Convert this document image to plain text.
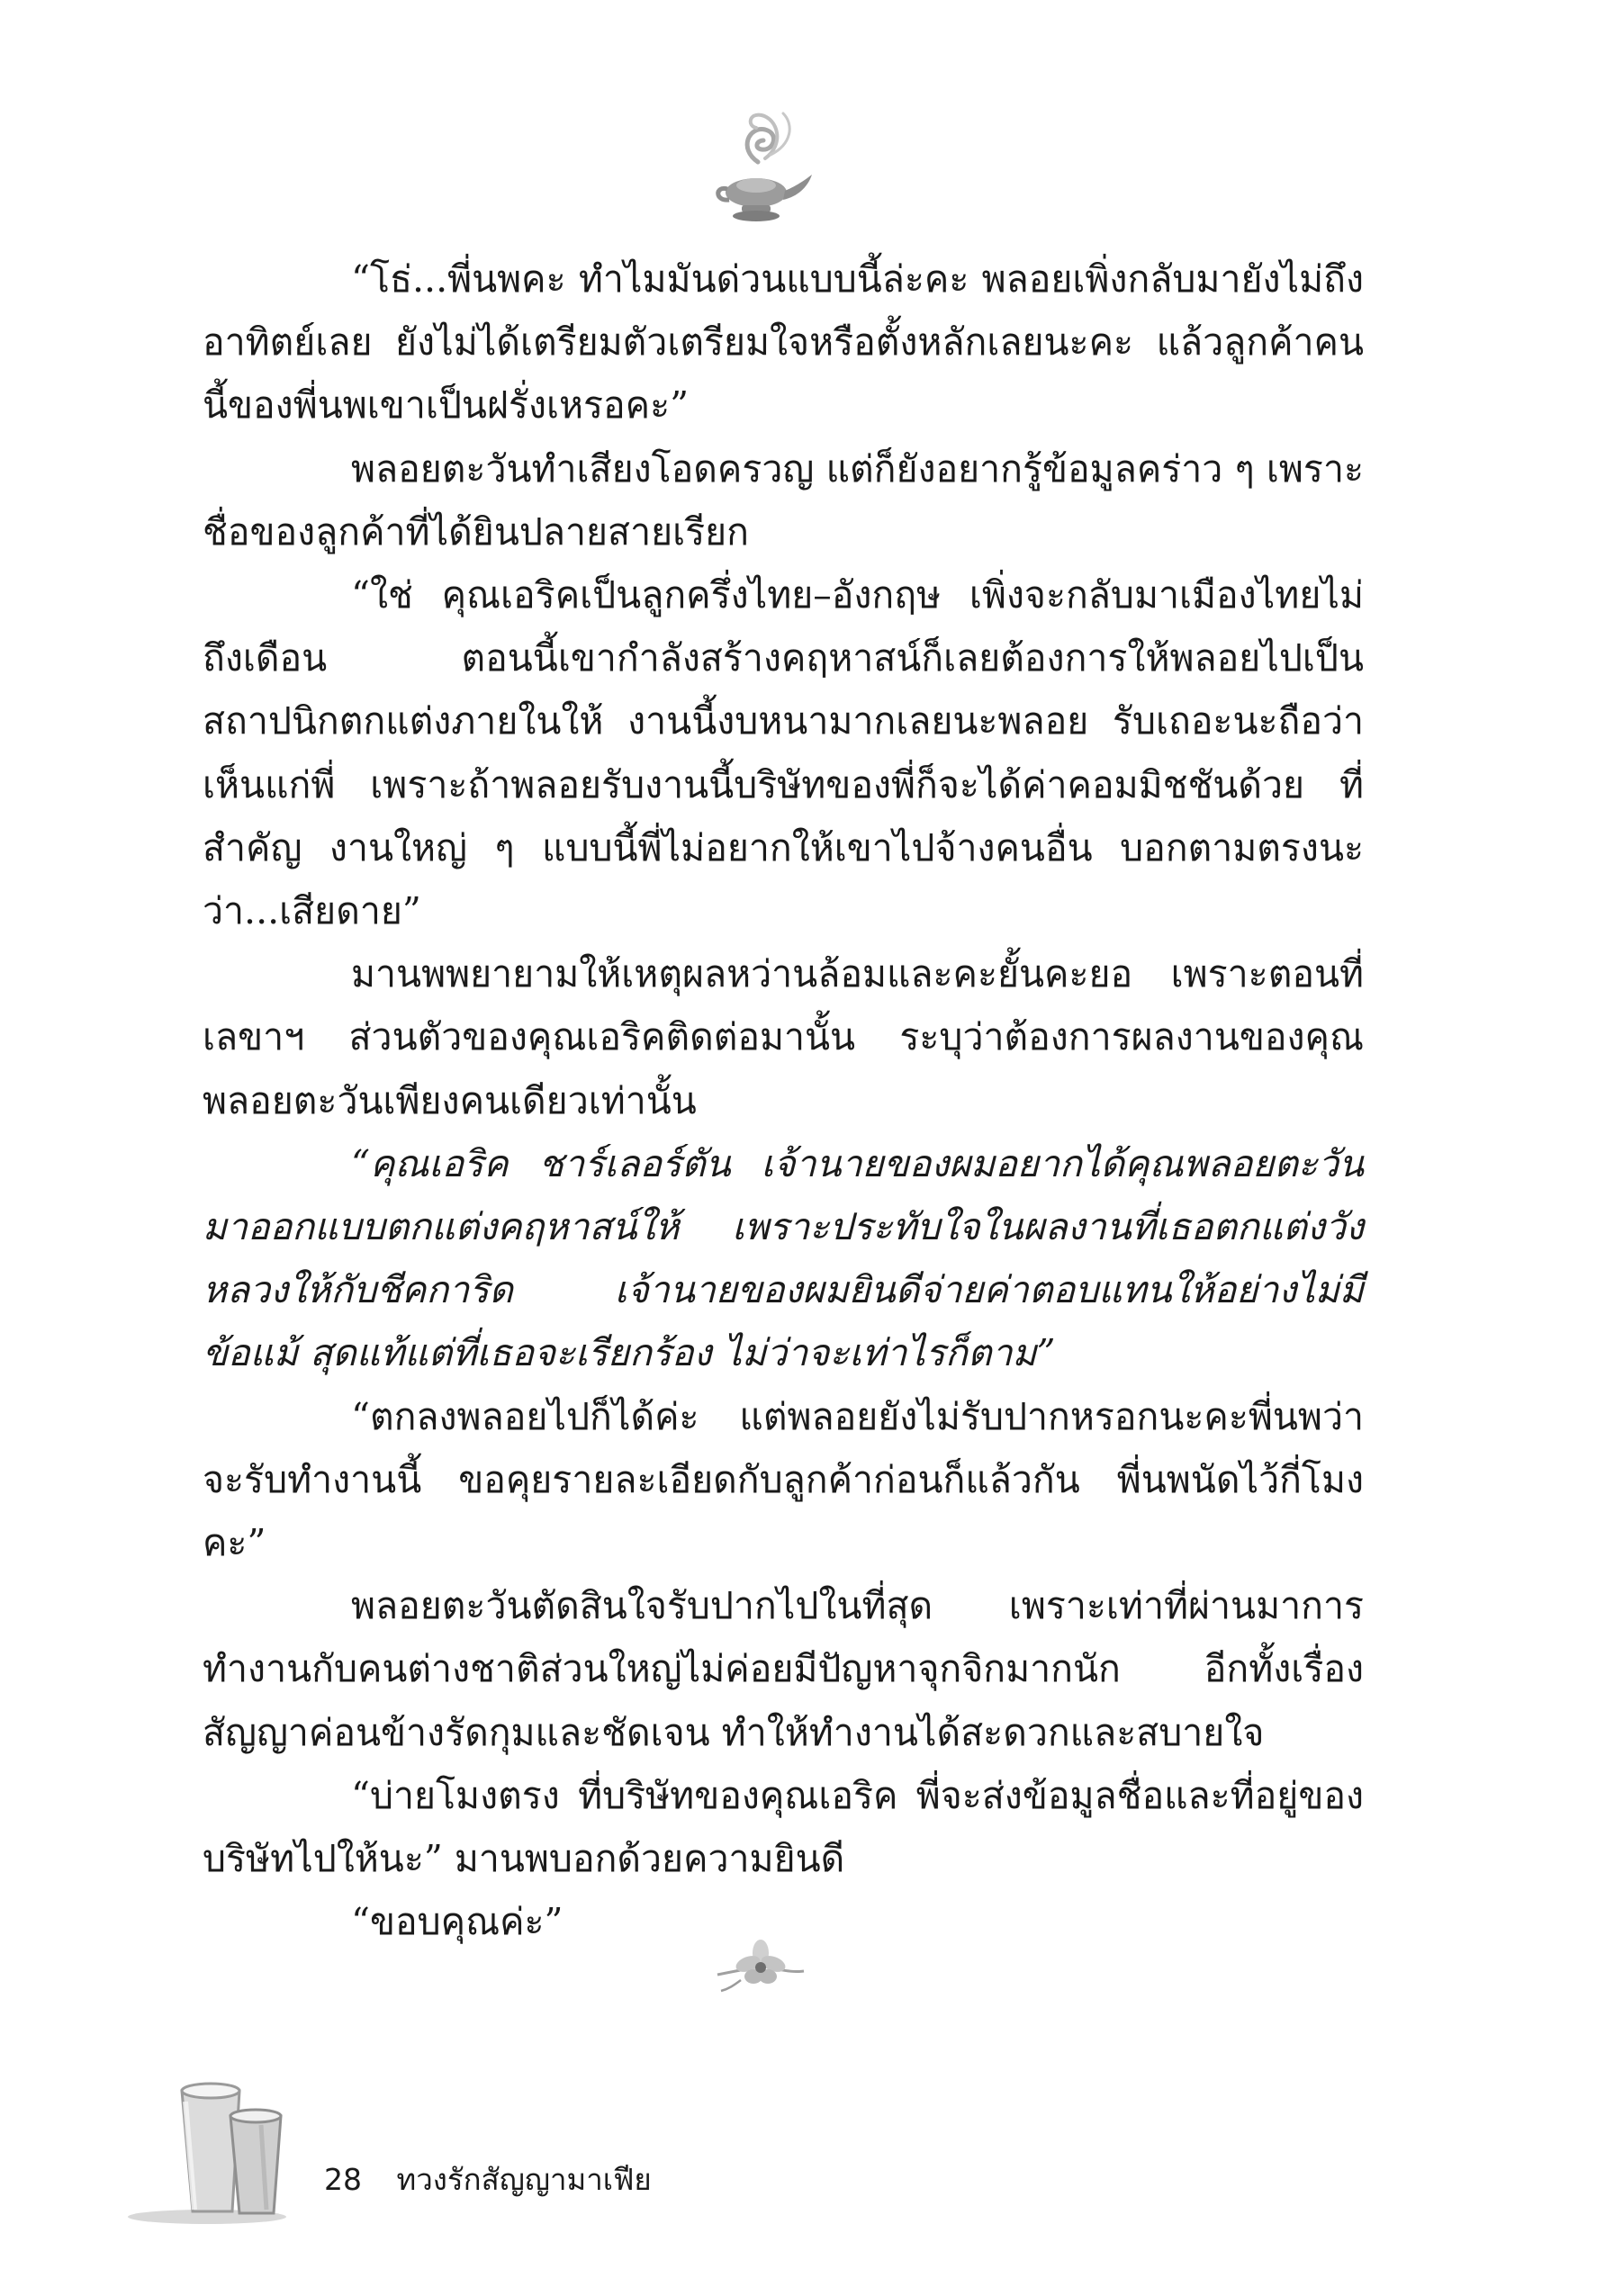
“โธ่...พี่นพคะ ทำไมมันด่วนแบบนี้ล่ะคะ พลอยเพิ่งกลับมายังไม่ถึงอาทิตย์เลย ยังไม่ได้เตรียมตัวเตรียมใจหรือตั้งหลักเลยนะคะ แล้วลูกค้าคนนี้ของพี่นพเขาเป็นฝรั่งเหรอคะ”

พลอยตะวันทำเสียงโอดครวญ แต่ก็ยังอยากรู้ข้อมูลคร่าว ๆ เพราะชื่อของลูกค้าที่ได้ยินปลายสายเรียก

“ใช่ คุณเอริคเป็นลูกครึ่งไทย–อังกฤษ เพิ่งจะกลับมาเมืองไทยไม่ถึงเดือน ตอนนี้เขากำลังสร้างคฤหาสน์ก็เลยต้องการให้พลอยไปเป็นสถาปนิกตกแต่งภายในให้ งานนี้งบหนามากเลยนะพลอย รับเถอะนะถือว่าเห็นแก่พี่ เพราะถ้าพลอยรับงานนี้บริษัทของพี่ก็จะได้ค่าคอมมิชชันด้วย ที่สำคัญ งานใหญ่ ๆ แบบนี้พี่ไม่อยากให้เขาไปจ้างคนอื่น บอกตามตรงนะว่า...เสียดาย”

มานพพยายามให้เหตุผลหว่านล้อมและคะยั้นคะยอ เพราะตอนที่เลขาฯ ส่วนตัวของคุณเอริคติดต่อมานั้น ระบุว่าต้องการผลงานของคุณพลอยตะวันเพียงคนเดียวเท่านั้น

“คุณเอริค ชาร์เลอร์ตัน เจ้านายของผมอยากได้คุณพลอยตะวันมาออกแบบตกแต่งคฤหาสน์ให้ เพราะประทับใจในผลงานที่เธอตกแต่งวังหลวงให้กับชีคการิด เจ้านายของผมยินดีจ่ายค่าตอบแทนให้อย่างไม่มีข้อแม้ สุดแท้แต่ที่เธอจะเรียกร้อง ไม่ว่าจะเท่าไรก็ตาม”

“ตกลงพลอยไปก็ได้ค่ะ แต่พลอยยังไม่รับปากหรอกนะคะพี่นพว่าจะรับทำงานนี้ ขอคุยรายละเอียดกับลูกค้าก่อนก็แล้วกัน พี่นพนัดไว้กี่โมงคะ”

พลอยตะวันตัดสินใจรับปากไปในที่สุด เพราะเท่าที่ผ่านมาการทำงานกับคนต่างชาติส่วนใหญ่ไม่ค่อยมีปัญหาจุกจิกมากนัก อีกทั้งเรื่องสัญญาค่อนข้างรัดกุมและชัดเจน ทำให้ทำงานได้สะดวกและสบายใจ

“บ่ายโมงตรง ที่บริษัทของคุณเอริค พี่จะส่งข้อมูลชื่อและที่อยู่ของบริษัทไปให้นะ” มานพบอกด้วยความยินดี

“ขอบคุณค่ะ”

28 ทวงรักสัญญามาเฟีย
